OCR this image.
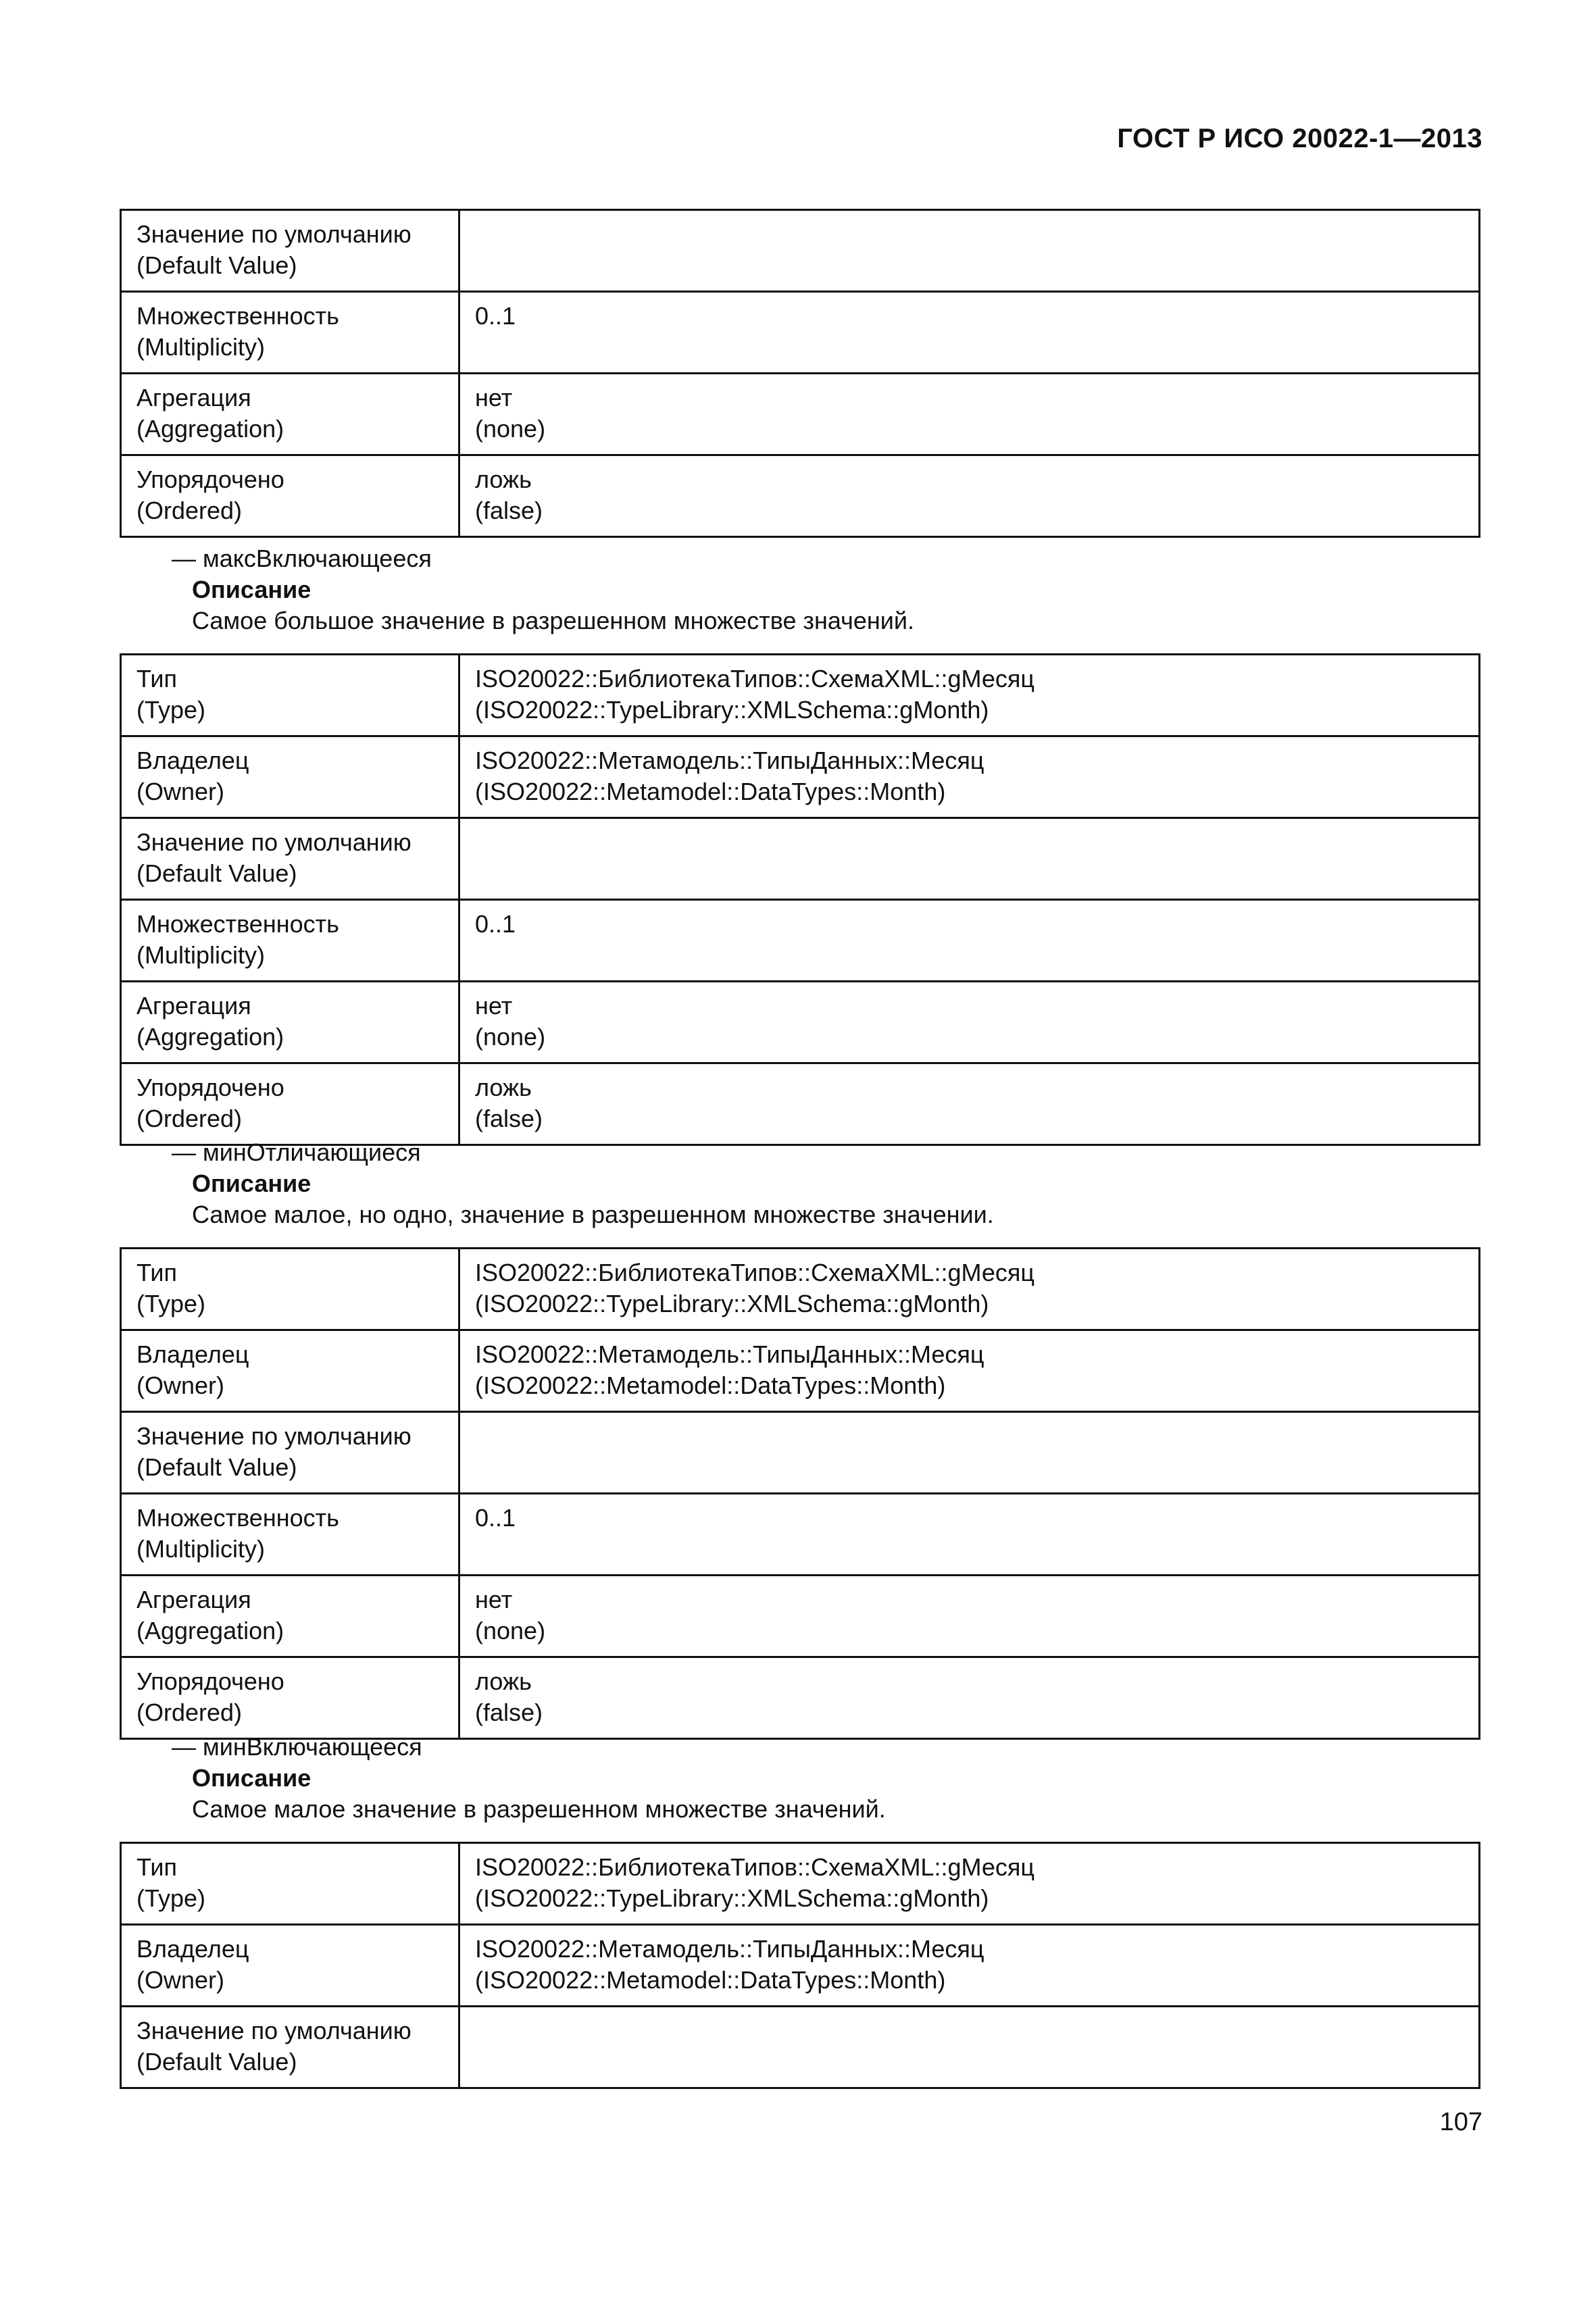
ГОСТ Р ИСО 20022-1—2013
Значение по умолчанию
(Default Value)	

Множественность
(Multiplicity)	0..1

Агрегация
(Aggregation)	нет
(none)

Упорядочено
(Ordered)	ложь
(false)
— максВключающееся
Описание
Самое большое значение в разрешенном множестве значений.
Тип
(Type)	ISO20022::БиблиотекаТипов::СхемаXML::gМесяц
(ISO20022::TypeLibrary::XMLSchema::gMonth)

Владелец
(Owner)	ISO20022::Метамодель::ТипыДанных::Месяц
(ISO20022::Metamodel::DataTypes::Month)

Значение по умолчанию
(Default Value)	

Множественность
(Multiplicity)	0..1

Агрегация
(Aggregation)	нет
(none)

Упорядочено
(Ordered)	ложь
(false)
— минОтличающиеся
Описание
Самое малое, но одно, значение в разрешенном множестве значении.
Тип
(Type)	ISO20022::БиблиотекаТипов::СхемаXML::gМесяц
(ISO20022::TypeLibrary::XMLSchema::gMonth)

Владелец
(Owner)	ISO20022::Метамодель::ТипыДанных::Месяц
(ISO20022::Metamodel::DataTypes::Month)

Значение по умолчанию
(Default Value)	

Множественность
(Multiplicity)	0..1

Агрегация
(Aggregation)	нет
(none)

Упорядочено
(Ordered)	ложь
(false)
— минВключающееся
Описание
Самое малое значение в разрешенном множестве значений.
Тип
(Type)	ISO20022::БиблиотекаТипов::СхемаXML::gМесяц
(ISO20022::TypeLibrary::XMLSchema::gMonth)

Владелец
(Owner)	ISO20022::Метамодель::ТипыДанных::Месяц
(ISO20022::Metamodel::DataTypes::Month)

Значение по умолчанию
(Default Value)	

107
